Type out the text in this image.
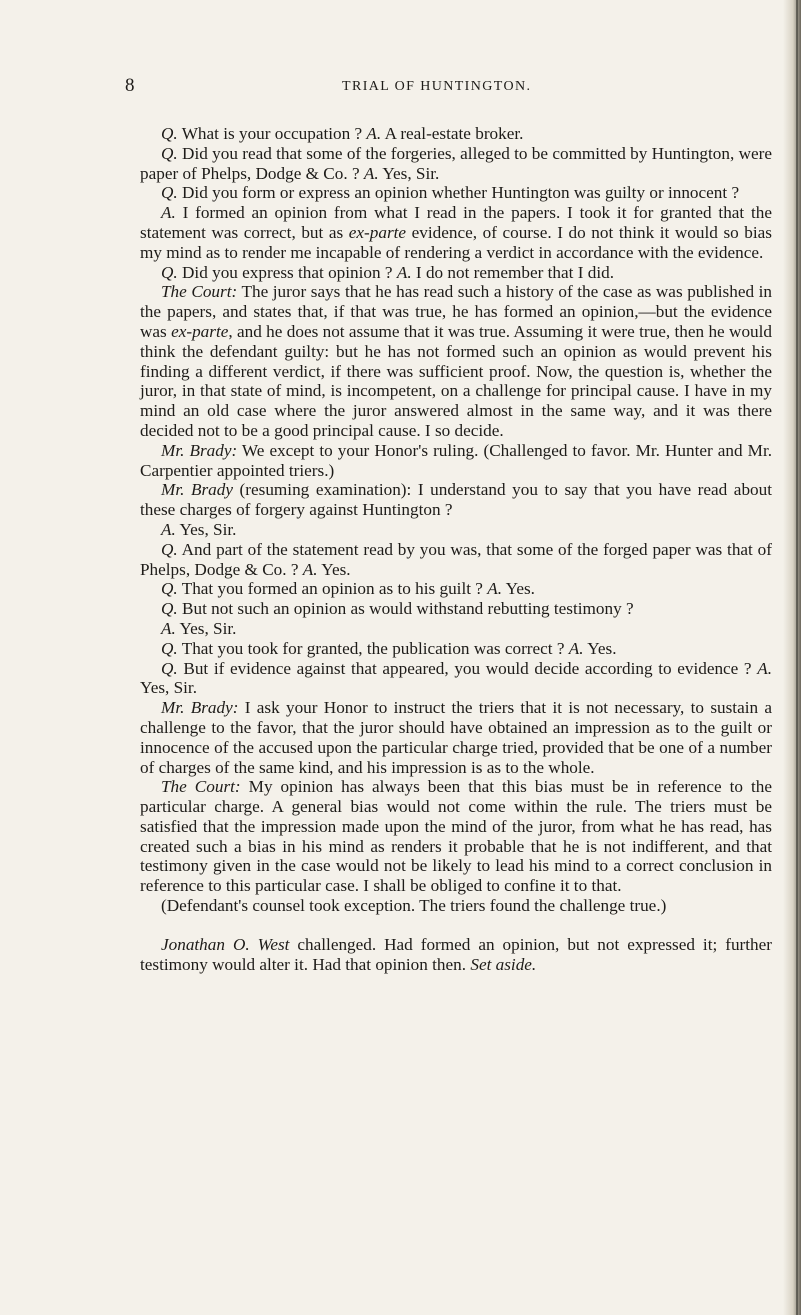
8	TRIAL OF HUNTINGTON.

Q. What is your occupation ? A. A real-estate broker.

Q. Did you read that some of the forgeries, alleged to be committed by Huntington, were paper of Phelps, Dodge & Co. ? A. Yes, Sir.

Q. Did you form or express an opinion whether Huntington was guilty or innocent ?

A. I formed an opinion from what I read in the papers. I took it for granted that the statement was correct, but as ex-parte evidence, of course. I do not think it would so bias my mind as to render me incapable of rendering a verdict in accordance with the evidence.

Q. Did you express that opinion ? A. I do not remember that I did.

The Court: The juror says that he has read such a history of the case as was published in the papers, and states that, if that was true, he has formed an opinion,—but the evidence was ex-parte, and he does not assume that it was true. Assuming it were true, then he would think the defendant guilty: but he has not formed such an opinion as would prevent his finding a different verdict, if there was sufficient proof. Now, the question is, whether the juror, in that state of mind, is incompetent, on a challenge for principal cause. I have in my mind an old case where the juror answered almost in the same way, and it was there decided not to be a good principal cause. I so decide.

Mr. Brady: We except to your Honor's ruling. (Challenged to favor. Mr. Hunter and Mr. Carpentier appointed triers.)

Mr. Brady (resuming examination): I understand you to say that you have read about these charges of forgery against Huntington ?

A. Yes, Sir.

Q. And part of the statement read by you was, that some of the forged paper was that of Phelps, Dodge & Co. ? A. Yes.

Q. That you formed an opinion as to his guilt ? A. Yes.

Q. But not such an opinion as would withstand rebutting testimony ?

A. Yes, Sir.

Q. That you took for granted, the publication was correct ? A. Yes.

Q. But if evidence against that appeared, you would decide according to evidence ? A. Yes, Sir.

Mr. Brady: I ask your Honor to instruct the triers that it is not necessary, to sustain a challenge to the favor, that the juror should have obtained an impression as to the guilt or innocence of the accused upon the particular charge tried, provided that be one of a number of charges of the same kind, and his impression is as to the whole.

The Court: My opinion has always been that this bias must be in reference to the particular charge. A general bias would not come within the rule. The triers must be satisfied that the impression made upon the mind of the juror, from what he has read, has created such a bias in his mind as renders it probable that he is not indifferent, and that testimony given in the case would not be likely to lead his mind to a correct conclusion in reference to this particular case. I shall be obliged to confine it to that.

(Defendant's counsel took exception. The triers found the challenge true.)

Jonathan O. West challenged. Had formed an opinion, but not expressed it; further testimony would alter it. Had that opinion then. Set aside.
